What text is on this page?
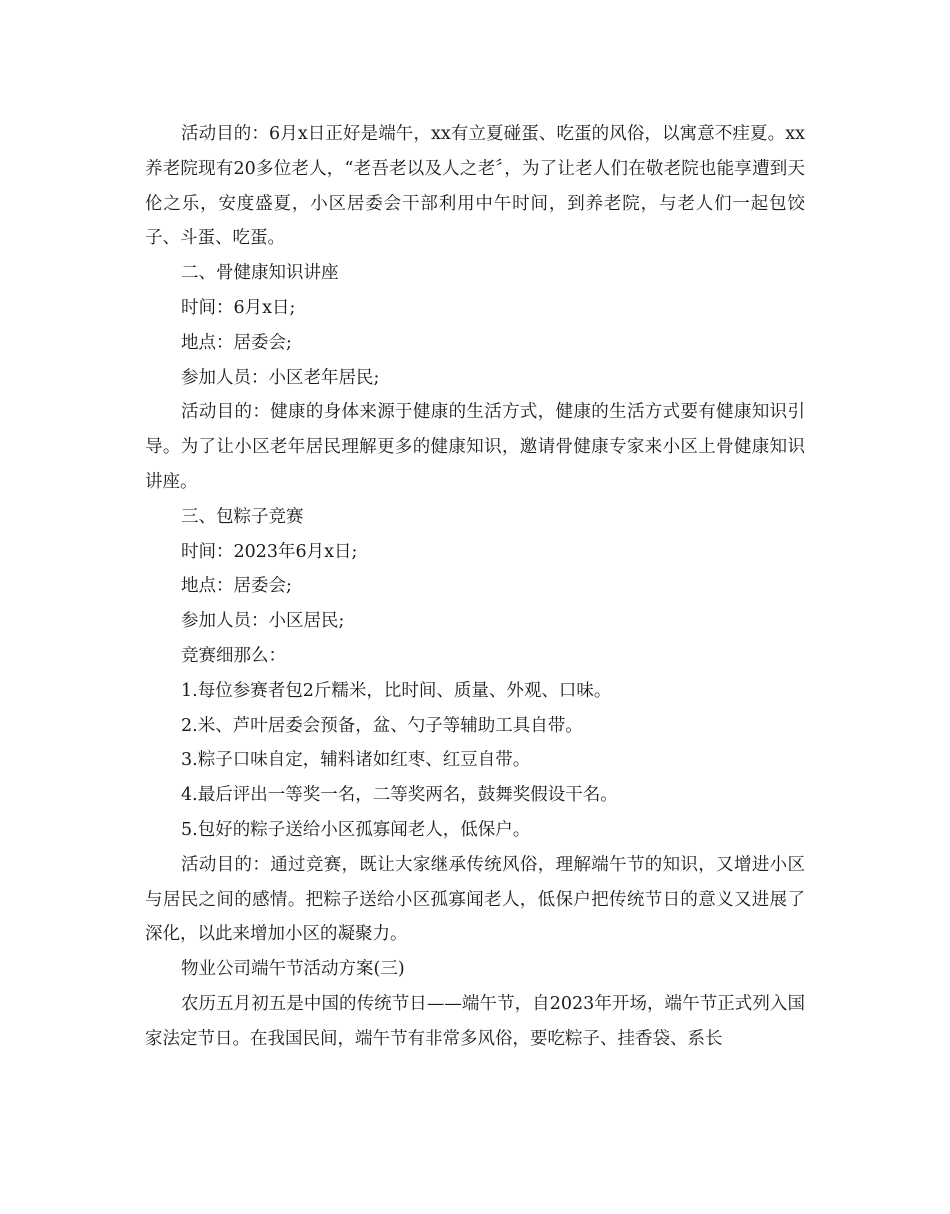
活动目的：6月x日正好是端午，xx有立夏碰蛋、吃蛋的风俗，以寓意不疰夏。xx养老院现有20多位老人，“老吾老以及人之老〞，为了让老人们在敬老院也能享遭到天伦之乐，安度盛夏，小区居委会干部利用中午时间，到养老院，与老人们一起包饺子、斗蛋、吃蛋。

二、骨健康知识讲座

时间：6月x日;

地点：居委会;

参加人员：小区老年居民;

活动目的：健康的身体来源于健康的生活方式，健康的生活方式要有健康知识引导。为了让小区老年居民理解更多的健康知识，邀请骨健康专家来小区上骨健康知识讲座。

三、包粽子竞赛

时间：2023年6月x日;

地点：居委会;

参加人员：小区居民;

竞赛细那么：

1.每位参赛者包2斤糯米，比时间、质量、外观、口味。

2.米、芦叶居委会预备，盆、勺子等辅助工具自带。

3.粽子口味自定，辅料诸如红枣、红豆自带。

4.最后评出一等奖一名，二等奖两名，鼓舞奖假设干名。

5.包好的粽子送给小区孤寡闻老人，低保户。

活动目的：通过竞赛，既让大家继承传统风俗，理解端午节的知识，又增进小区与居民之间的感情。把粽子送给小区孤寡闻老人，低保户把传统节日的意义又进展了深化，以此来增加小区的凝聚力。

物业公司端午节活动方案(三)

农历五月初五是中国的传统节日——端午节，自2023年开场，端午节正式列入国家法定节日。在我国民间，端午节有非常多风俗，要吃粽子、挂香袋、系长
